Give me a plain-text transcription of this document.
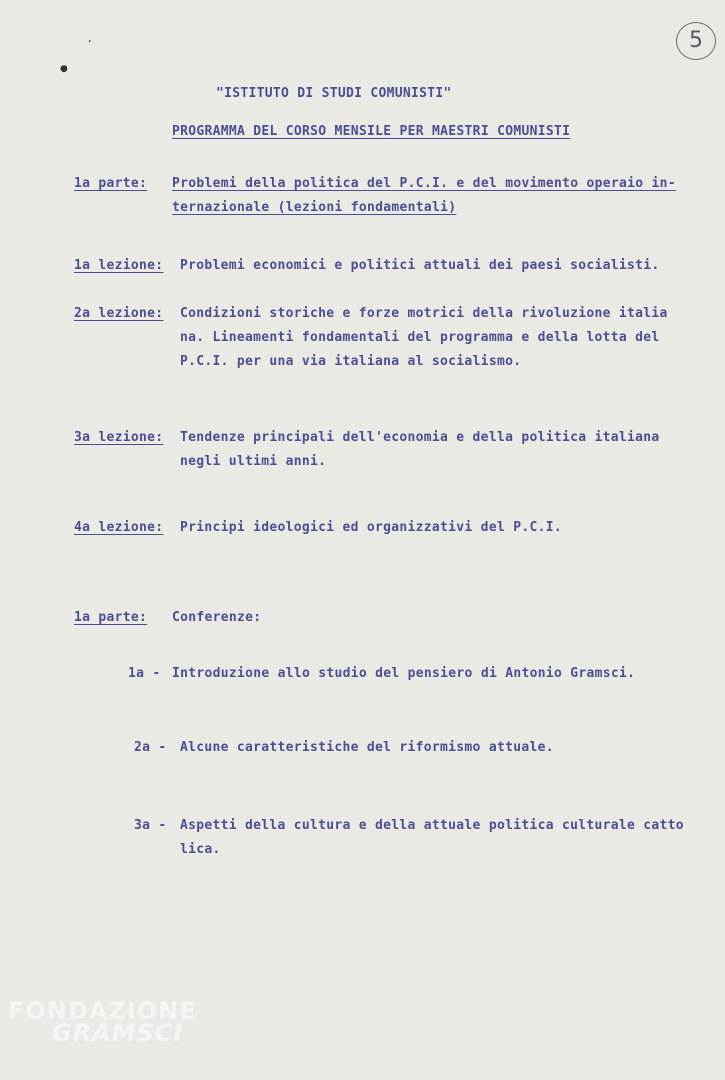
’
●
5
"ISTITUTO DI STUDI COMUNISTI"
PROGRAMMA DEL CORSO MENSILE PER MAESTRI COMUNISTI
1a parte: Problemi della politica del P.C.I. e del movimento operaio in-
ternazionale (lezioni fondamentali)
1a lezione: Problemi economici e politici attuali dei paesi socialisti.
2a lezione: Condizioni storiche e forze motrici della rivoluzione italia
na. Lineamenti fondamentali del programma e della lotta del
P.C.I. per una via italiana al socialismo.
3a lezione: Tendenze principali dell'economia e della politica italiana
negli ultimi anni.
4a lezione: Principi ideologici ed organizzativi del P.C.I.
1a parte: Conferenze:
1a - Introduzione allo studio del pensiero di Antonio Gramsci.
2a - Alcune caratteristiche del riformismo attuale.
3a - Aspetti della cultura e della attuale politica culturale catto
lica.
FONDAZIONE
GRAMSCI
